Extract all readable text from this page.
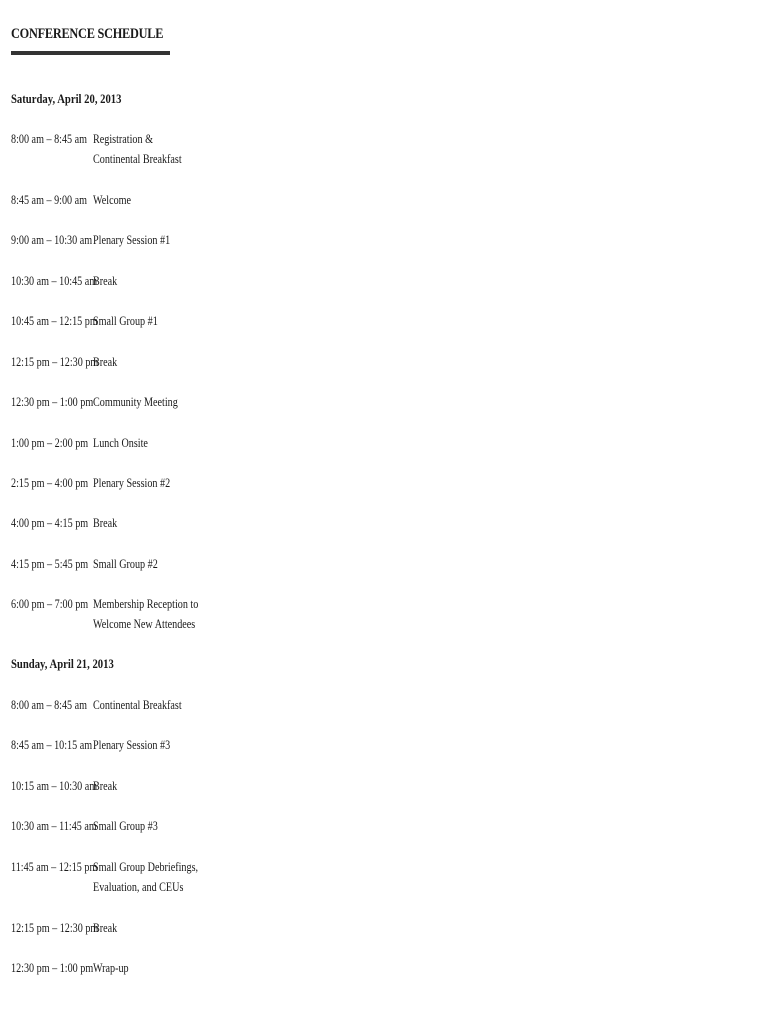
CONFERENCE SCHEDULE
Saturday, April 20, 2013
8:00 am – 8:45 am Registration &
Continental Breakfast
8:45 am – 9:00 am Welcome
9:00 am – 10:30 am Plenary Session #1
10:30 am – 10:45 am
Break
10:45 am – 12:15 pm
Small Group #1
12:15 pm – 12:30 pm
Break
12:30 pm – 1:00 pm Community Meeting
1:00 pm – 2:00 pm Lunch Onsite
2:15 pm – 4:00 pm Plenary Session #2
4:00 pm – 4:15 pm Break
4:15 pm – 5:45 pm Small Group #2
6:00 pm – 7:00 pm Membership Reception to
Welcome New Attendees
Sunday, April 21, 2013
8:00 am – 8:45 am Continental Breakfast
8:45 am – 10:15 am Plenary Session #3
10:15 am – 10:30 am
Break
10:30 am – 11:45 am
Small Group #3
11:45 am – 12:15 pm
Small Group Debriefings,
Evaluation, and CEUs
12:15 pm – 12:30 pm
Break
12:30 pm – 1:00 pm Wrap-up
